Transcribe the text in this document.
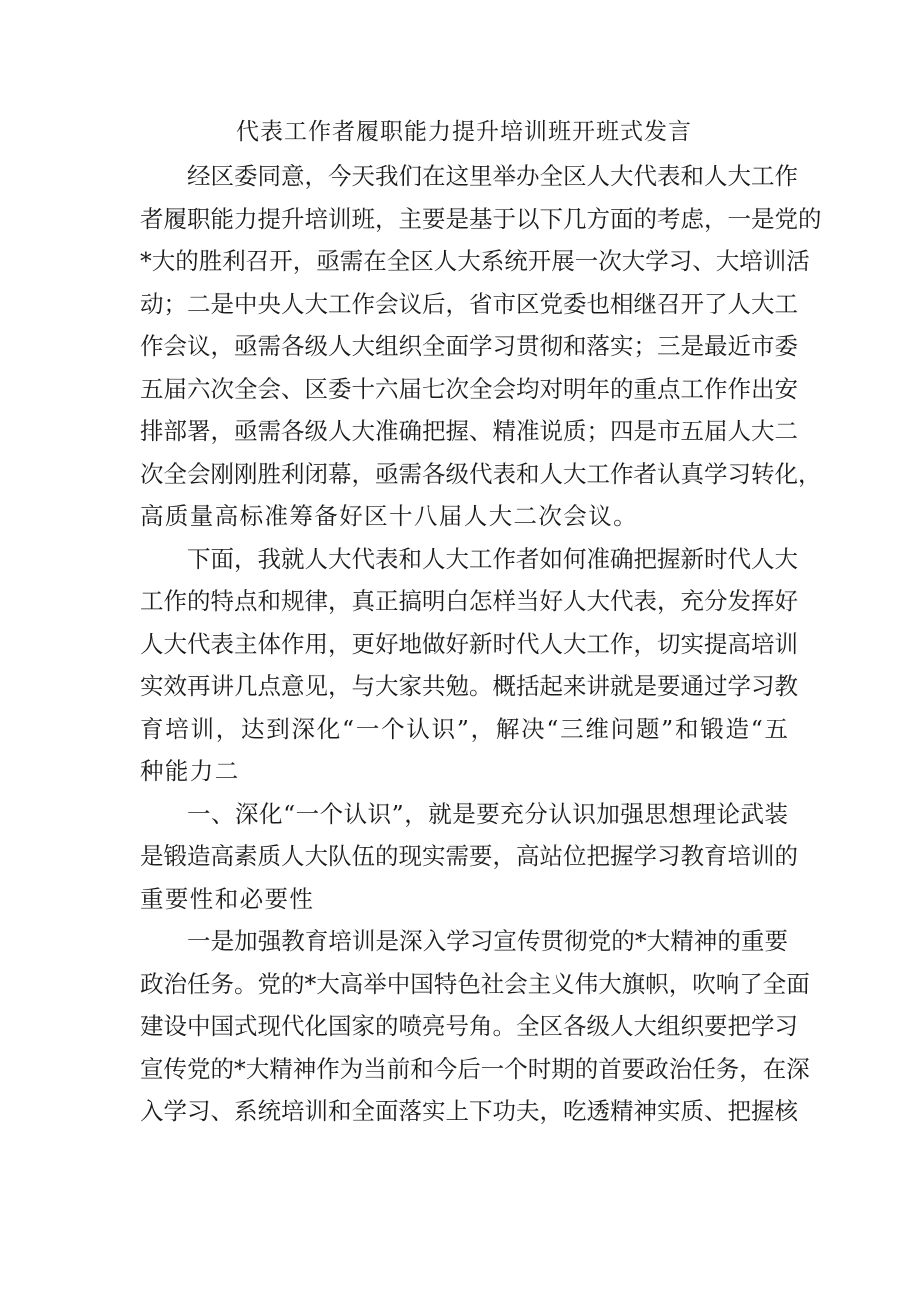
代表工作者履职能力提升培训班开班式发言
经区委同意，今天我们在这里举办全区人大代表和人大工作
者履职能力提升培训班，主要是基于以下几方面的考虑，一是党的
*大的胜利召开，亟需在全区人大系统开展一次大学习、大培训活
动；二是中央人大工作会议后，省市区党委也相继召开了人大工
作会议，亟需各级人大组织全面学习贯彻和落实；三是最近市委
五届六次全会、区委十六届七次全会均对明年的重点工作作出安
排部署，亟需各级人大准确把握、精准说质；四是市五届人大二
次全会刚刚胜利闭幕，亟需各级代表和人大工作者认真学习转化，
高质量高标准筹备好区十八届人大二次会议。
下面，我就人大代表和人大工作者如何准确把握新时代人大
工作的特点和规律，真正搞明白怎样当好人大代表，充分发挥好
人大代表主体作用，更好地做好新时代人大工作，切实提高培训
实效再讲几点意见，与大家共勉。概括起来讲就是要通过学习教
育培训，达到深化“一个认识”，解决“三维问题”和锻造“五
种能力二
一、深化“一个认识”，就是要充分认识加强思想理论武装
是锻造高素质人大队伍的现实需要，高站位把握学习教育培训的
重要性和必要性
一是加强教育培训是深入学习宣传贯彻党的*大精神的重要
政治任务。党的*大高举中国特色社会主义伟大旗帜，吹响了全面
建设中国式现代化国家的喷亮号角。全区各级人大组织要把学习
宣传党的*大精神作为当前和今后一个时期的首要政治任务，在深
入学习、系统培训和全面落实上下功夫，吃透精神实质、把握核
